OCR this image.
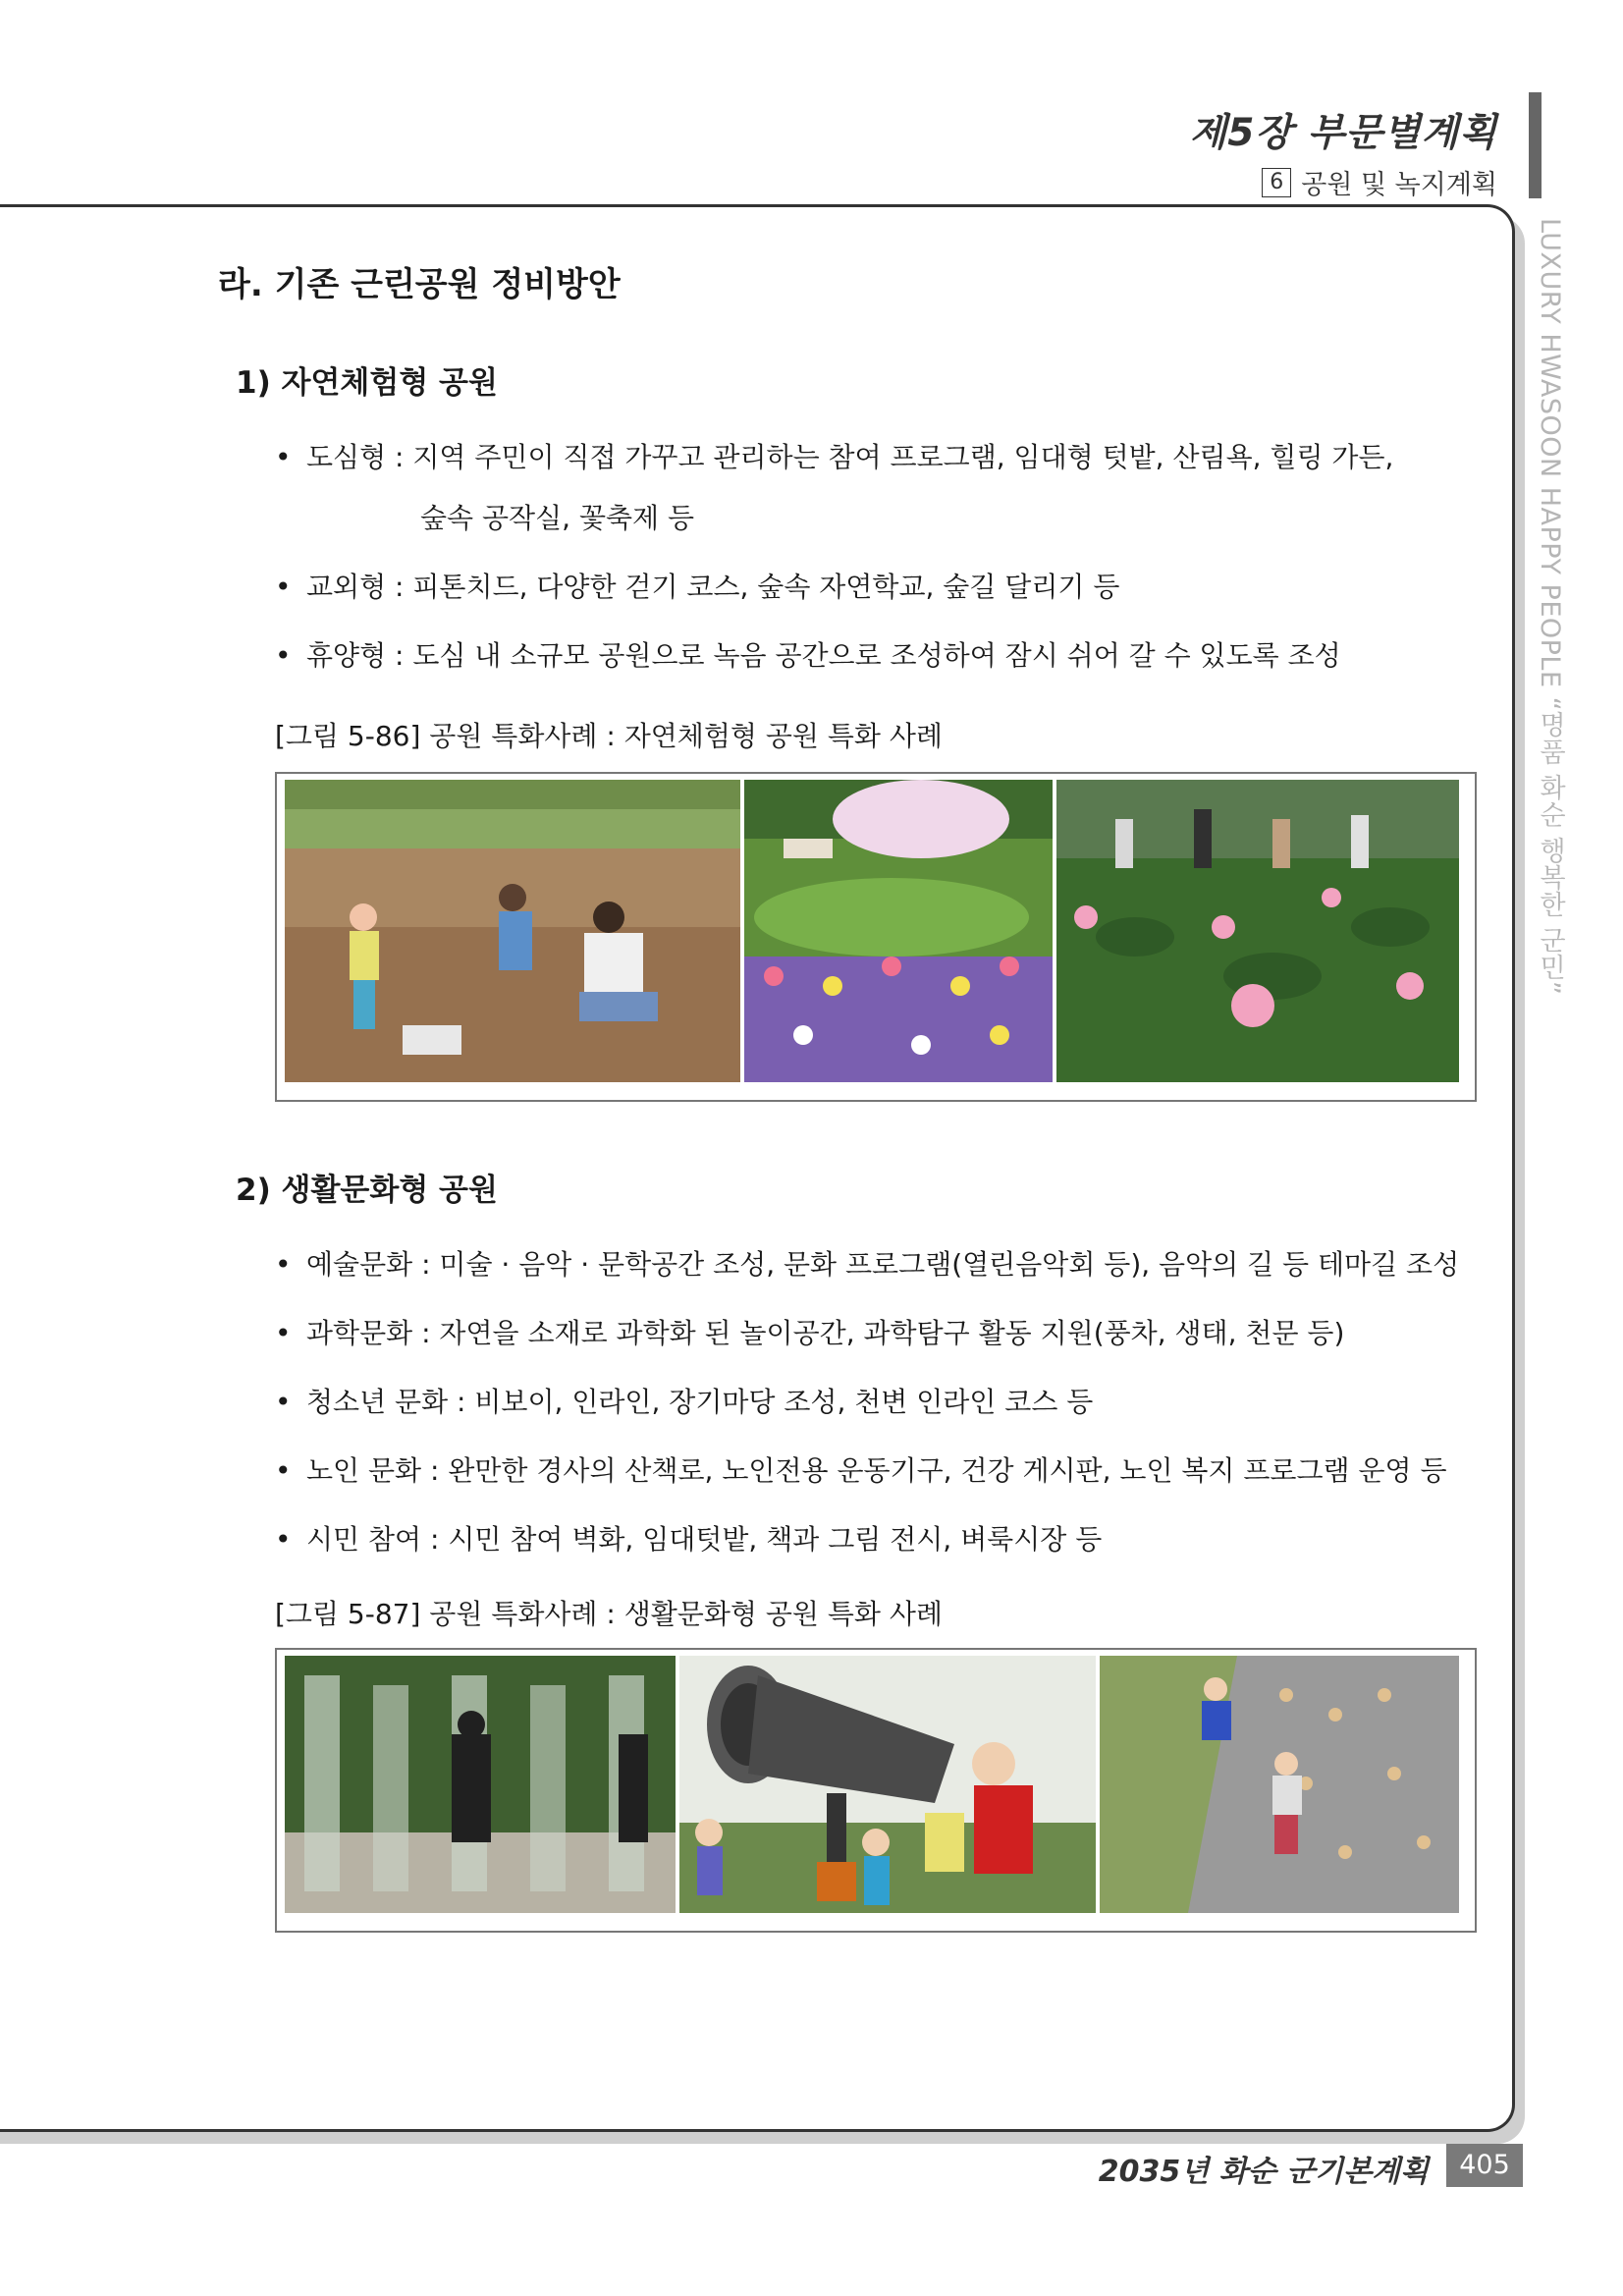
제5장 부문별계획
6 공원 및 녹지계획
LUXURY HWASOON HAPPY PEOPLE “명품 화순 행복한 군민”
라. 기존 근린공원 정비방안
1) 자연체험형 공원
• 도심형 : 지역 주민이 직접 가꾸고 관리하는 참여 프로그램, 임대형 텃밭, 산림욕, 힐링 가든,
숲속 공작실, 꽃축제 등
• 교외형 : 피톤치드, 다양한 걷기 코스, 숲속 자연학교, 숲길 달리기 등
• 휴양형 : 도심 내 소규모 공원으로 녹음 공간으로 조성하여 잠시 쉬어 갈 수 있도록 조성

[그림 5-86] 공원 특화사례 : 자연체험형 공원 특화 사례

2) 생활문화형 공원
• 예술문화 : 미술 · 음악 · 문학공간 조성, 문화 프로그램(열린음악회 등), 음악의 길 등 테마길 조성
• 과학문화 : 자연을 소재로 과학화 된 놀이공간, 과학탐구 활동 지원(풍차, 생태, 천문 등)
• 청소년 문화 : 비보이, 인라인, 장기마당 조성, 천변 인라인 코스 등
• 노인 문화 : 완만한 경사의 산책로, 노인전용 운동기구, 건강 게시판, 노인 복지 프로그램 운영 등
• 시민 참여 : 시민 참여 벽화, 임대텃밭, 책과 그림 전시, 벼룩시장 등

[그림 5-87] 공원 특화사례 : 생활문화형 공원 특화 사례

2035년 화순 군기본계획	405
